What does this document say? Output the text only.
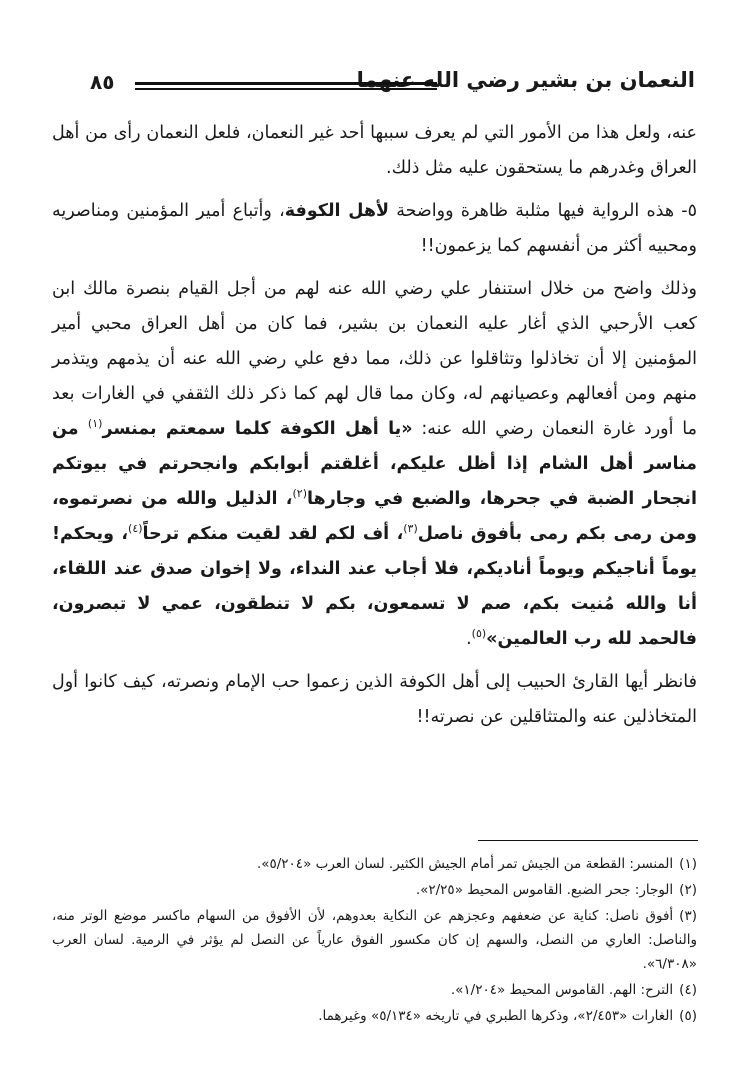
النعمان بن بشير رضي الله عنهما
٨٥

عنه، ولعل هذا من الأمور التي لم يعرف سببها أحد غير النعمان، فلعل النعمان رأى من أهل العراق وغدرهم ما يستحقون عليه مثل ذلك.

٥- هذه الرواية فيها مثلبة ظاهرة وواضحة لأهل الكوفة، وأتباع أمير المؤمنين ومناصريه ومحبيه أكثر من أنفسهم كما يزعمون!!

وذلك واضح من خلال استنفار علي رضي الله عنه لهم من أجل القيام بنصرة مالك ابن كعب الأرحبي الذي أغار عليه النعمان بن بشير، فما كان من أهل العراق محبي أمير المؤمنين إلا أن تخاذلوا وتثاقلوا عن ذلك، مما دفع علي رضي الله عنه أن يذمهم ويتذمر منهم ومن أفعالهم وعصيانهم له، وكان مما قال لهم كما ذكر ذلك الثقفي في الغارات بعد ما أورد غارة النعمان رضي الله عنه: «يا أهل الكوفة كلما سمعتم بمنسر$^{(١)}$ من مناسر أهل الشام إذا أظل عليكم، أغلقتم أبوابكم وانجحرتم في بيوتكم انجحار الضبة في جحرها، والضبع في وجارها$^{(٢)}$، الذليل والله من نصرتموه، ومن رمى بكم رمى بأفوق ناصل$^{(٣)}$، أف لكم لقد لقيت منكم ترحاً$^{(٤)}$، ويحكم! يوماً أناجيكم ويوماً أناديكم، فلا أجاب عند النداء، ولا إخوان صدق عند اللقاء، أنا والله مُنيت بكم، صم لا تسمعون، بكم لا تنطقون، عمي لا تبصرون، فالحمد لله رب العالمين»$^{(٥)}$.

فانظر أيها القارئ الحبيب إلى أهل الكوفة الذين زعموا حب الإمام ونصرته، كيف كانوا أول المتخاذلين عنه والمتثاقلين عن نصرته!!

(١)المنسر: القطعة من الجيش تمر أمام الجيش الكثير. لسان العرب «٥/٢٠٤».
(٢)الوجار: جحر الضبع. القاموس المحيط «٢/٢٥».
(٣)أفوق ناصل: كناية عن ضعفهم وعجزهم عن النكاية بعدوهم، لأن الأفوق من السهام ماكسر موضع الوتر منه، والناصل: العاري من النصل، والسهم إن كان مكسور الفوق عارياً عن النصل لم يؤثر في الرمية. لسان العرب «٦/٣٠٨».
(٤)الترح: الهم. القاموس المحيط «١/٢٠٤».
(٥)الغارات «٢/٤٥٣»، وذكرها الطبري في تاريخه «٥/١٣٤» وغيرهما.
